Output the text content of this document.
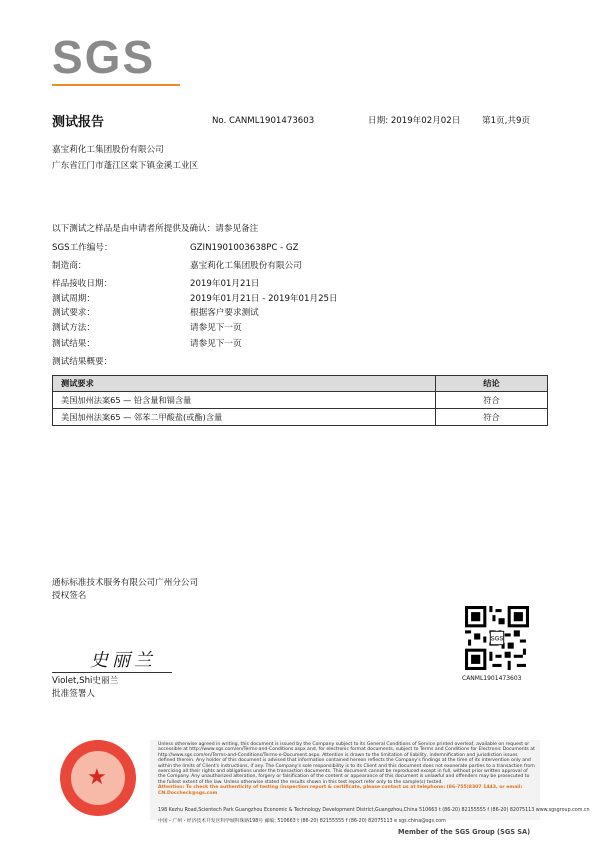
SGS
测试报告	No. CANML1901473603	日期: 2019年02月02日	第1页,共9页
嘉宝莉化工集团股份有限公司
广东省江门市蓬江区棠下镇金溪工业区
以下测试之样品是由申请者所提供及确认：请参见备注
SGS工作编号：	GZIN1901003638PC - GZ
制造商：	嘉宝莉化工集团股份有限公司
样品接收日期：	2019年01月21日
测试周期：	2019年01月21日 - 2019年01月25日
测试要求：	根据客户要求测试
测试方法：	请参见下一页
测试结果：	请参见下一页
测试结果概要：
测试要求	结论
美国加州法案65 — 铅含量和镉含量	符合
美国加州法案65 — 邻苯二甲酸盐(或酯)含量	符合
通标标准技术服务有限公司广州分公司
授权签名
史丽兰
Violet,Shi史丽兰
批准签署人
SGS
CANML1901473603
★
Unless otherwise agreed in writing, this document is issued by the Company subject to its General Conditions of Service printed overleaf, available on request or accessible at http://www.sgs.com/en/Terms-and-Conditions.aspx and, for electronic format documents, subject to Terms and Conditions for Electronic Documents at http://www.sgs.com/en/Terms-and-Conditions/Terms-e-Document.aspx. Attention is drawn to the limitation of liability, indemnification and jurisdiction issues defined therein. Any holder of this document is advised that information contained hereon reflects the Company's findings at the time of its intervention only and within the limits of Client's instructions, if any. The Company's sole responsibility is to its Client and this document does not exonerate parties to a transaction from exercising all their rights and obligations under the transaction documents. This document cannot be reproduced except in full, without prior written approval of the Company. Any unauthorized alteration, forgery or falsification of the content or appearance of this document is unlawful and offenders may be prosecuted to the fullest extent of the law. Unless otherwise stated the results shown in this test report refer only to the sample(s) tested.
Attention: To check the authenticity of testing /inspection report & certificate, please contact us at telephone: (86-755)8307 1443, or email: CN.Doccheck@sgs.com
198 Kezhu Road,Scientech Park Guangzhou Economic & Technology Development District,Guangzhou,China 510663 t (86-20) 82155555 f (86-20) 82075113 www.sgsgroup.com.cn
中国・广州・经济技术开发区科学城科珠路198号 邮编: 510663 t (86-20) 82155555 f (86-20) 82075113 e sgs.china@sgs.com
Member of the SGS Group (SGS SA)
